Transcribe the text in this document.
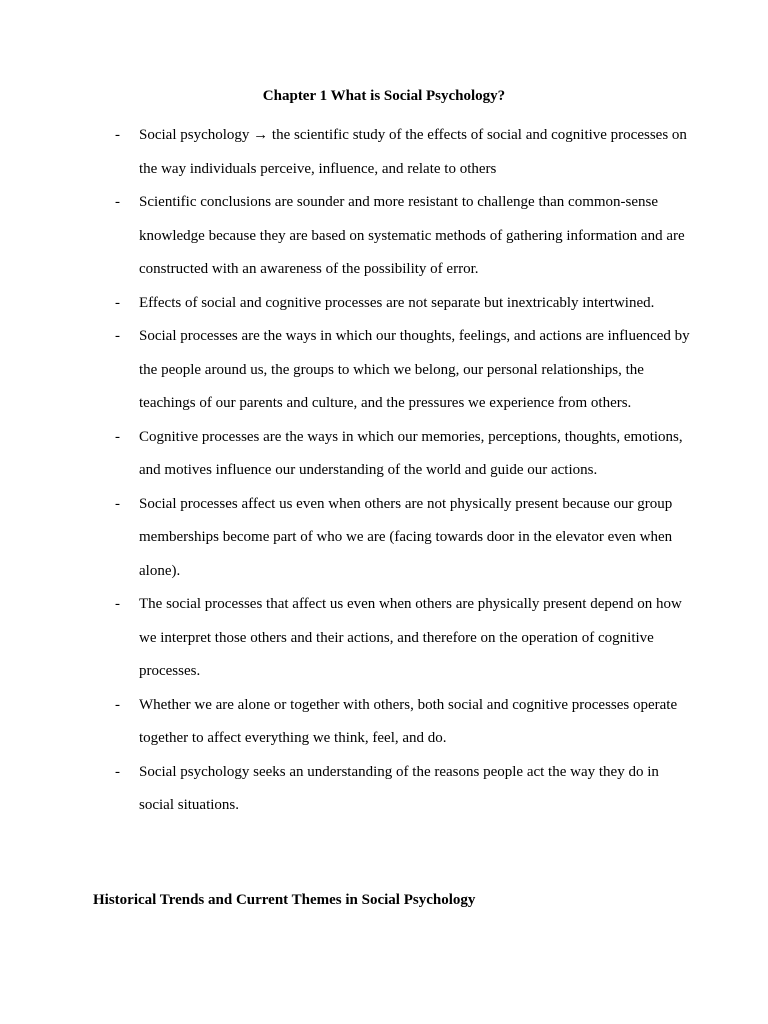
Chapter 1 What is Social Psychology?
- Social psychology → the scientific study of the effects of social and cognitive processes on the way individuals perceive, influence, and relate to others
- Scientific conclusions are sounder and more resistant to challenge than common-sense knowledge because they are based on systematic methods of gathering information and are constructed with an awareness of the possibility of error.
- Effects of social and cognitive processes are not separate but inextricably intertwined.
- Social processes are the ways in which our thoughts, feelings, and actions are influenced by the people around us, the groups to which we belong, our personal relationships, the teachings of our parents and culture, and the pressures we experience from others.
- Cognitive processes are the ways in which our memories, perceptions, thoughts, emotions, and motives influence our understanding of the world and guide our actions.
- Social processes affect us even when others are not physically present because our group memberships become part of who we are (facing towards door in the elevator even when alone).
- The social processes that affect us even when others are physically present depend on how we interpret those others and their actions, and therefore on the operation of cognitive processes.
- Whether we are alone or together with others, both social and cognitive processes operate together to affect everything we think, feel, and do.
- Social psychology seeks an understanding of the reasons people act the way they do in social situations.
Historical Trends and Current Themes in Social Psychology
